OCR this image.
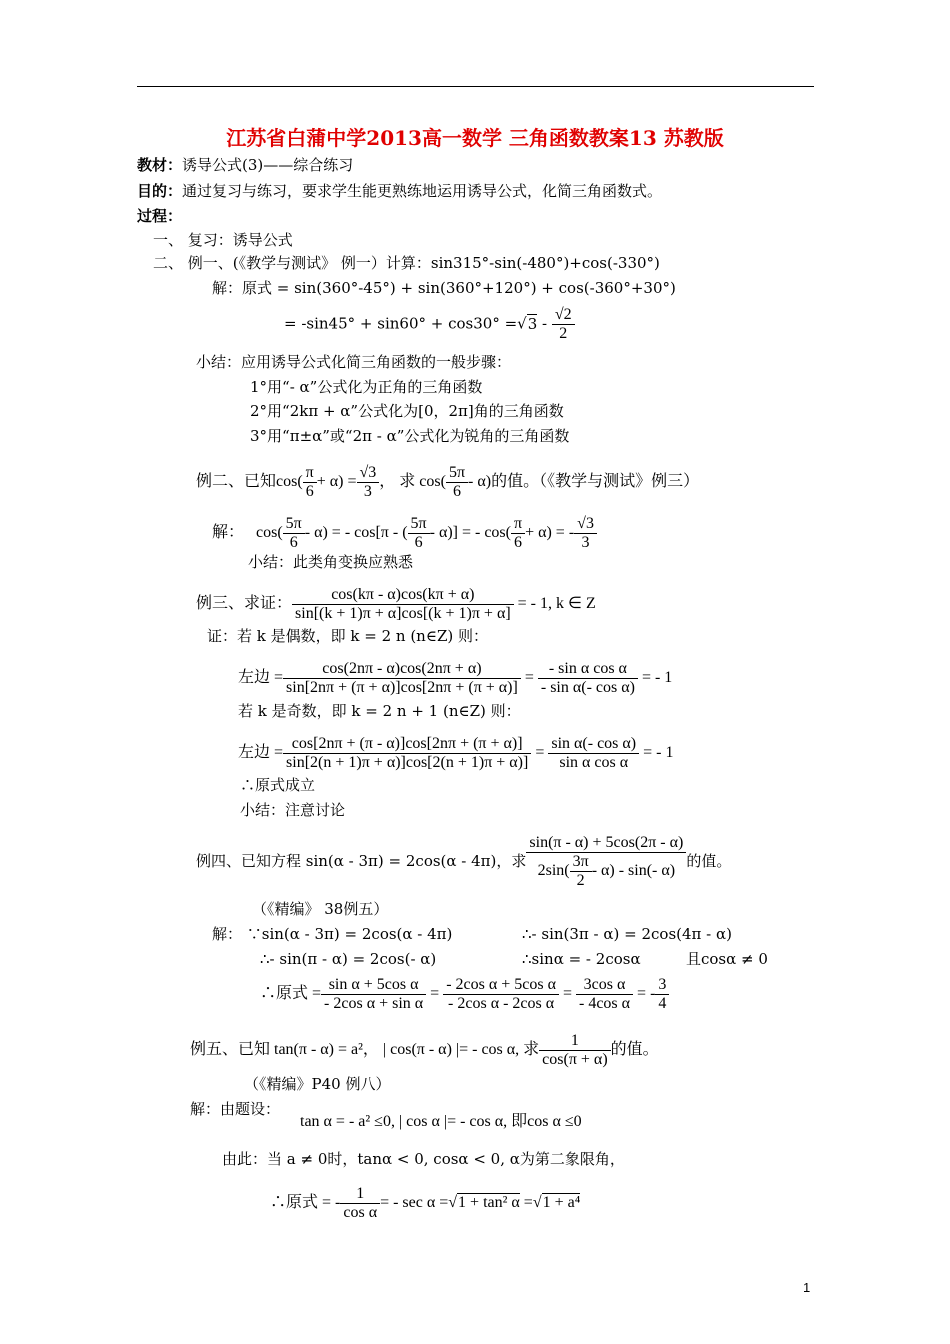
江苏省白蒲中学2013高一数学 三角函数教案13 苏教版
教材：诱导公式(3)——综合练习
目的：通过复习与练习，要求学生能更熟练地运用诱导公式，化简三角函数式。
过程：
一、 复习：诱导公式
二、 例一、(《教学与测试》 例一）计算：sin315°-sin(-480°)+cos(-330°)
解：原式 = sin(360°-45°) + sin(360°+120°) + cos(-360°+30°)
= $-\sin 45^\circ + \sin 60^\circ + \cos 30^\circ =√3 - \frac{√2}{2}$
小结：应用诱导公式化简三角函数的一般步骤：
1°用“- α”公式化为正角的三角函数
2°用“2kπ + α”公式化为[0，2π]角的三角函数
3°用“π±α”或“2π - α”公式化为锐角的三角函数
例二、已知$\cos( \frac{\pi}{6} + \alpha) = \frac{√3}{3}$ ， 求 $\cos( \frac{5\pi}{6} - \alpha)$的值。（《教学与测试》例三）
解： $\cos( \frac{5\pi}{6} - \alpha)$ = - cos[π - ( $\frac{5\pi}{6} - \alpha$)] = - $\cos( \frac{\pi}{6} + \alpha)$ = - $\frac{√3}{3}$
小结：此类角变换应熟悉
例三、求证： $\frac{\cos(k\pi - \alpha)\cos(k\pi + \alpha)}{\sin[(k + 1)\pi + \alpha]\cos[(k + 1)\pi + \alpha]}$ = - 1, k ∈ Z
证：若 k 是偶数，即 k = 2 n (n∈Z) 则：
左边 = $\frac{\cos(2n\pi - \alpha)\cos(2n\pi + \alpha)}{\sin[2n\pi + (\pi + \alpha)]\cos[2n\pi + (\pi + \alpha)]} = \frac{\text{- sin α cos α}}{\text{- sin α(- cos α)}}$ = - 1
若 k 是奇数，即 k = 2 n + 1 (n∈Z) 则：
左边 = $\frac{\cos[2n\pi + (\pi - \alpha)]\cos[2n\pi + (\pi + \alpha)]}{\sin[2(n + 1)\pi + \alpha)]\cos[2(n + 1)\pi + \alpha)]} = \frac{\text{sin α(- cos α)}}{\text{sin α cos α}}$ = - 1
∴原式成立
小结：注意讨论
例四、已知方程 sin(α - 3π) = 2cos(α - 4π)，求 $\frac{\sin(\pi - \alpha) + 5\cos(2\pi - \alpha)}{2\sin( \frac{3\pi}{2} - \alpha) - \sin(- \alpha)}$ 的值。
（《精编》 38例五）
解： ∵sin(α - 3π) = 2cos(α - 4π)	∴- sin(3π - α) = 2cos(4π - α)
∴- sin(π - α) = 2cos(- α)	∴sinα = - 2cosα	且cosα ≠ 0
∴原式 = $\frac{\text{sin α + 5cos α}}{\text{- 2cos α + sin α}} = \frac{\text{- 2cos α + 5cos α}}{\text{- 2cos α - 2cos α}} = \frac{\text{3cos α}}{\text{- 4cos α}}$ = - $\frac{3}{4}$
例五、已知 tan(π - α) = a²， | cos(π - α) |= - cos α, 求 $\frac{1}{\cos(\pi + \alpha)}$ 的值。
（《精编》P40 例八）
解：由题设：
tan α = - a² ≤0, | cos α |= - cos α, 即cos α ≤0
由此：当 a ≠ 0时，tanα < 0, cosα < 0, α为第二象限角，
∴原式 = - $\frac{1}{\text{cos α}}$ = - sec α =√1 + tan² α =√1 + a⁴
1
